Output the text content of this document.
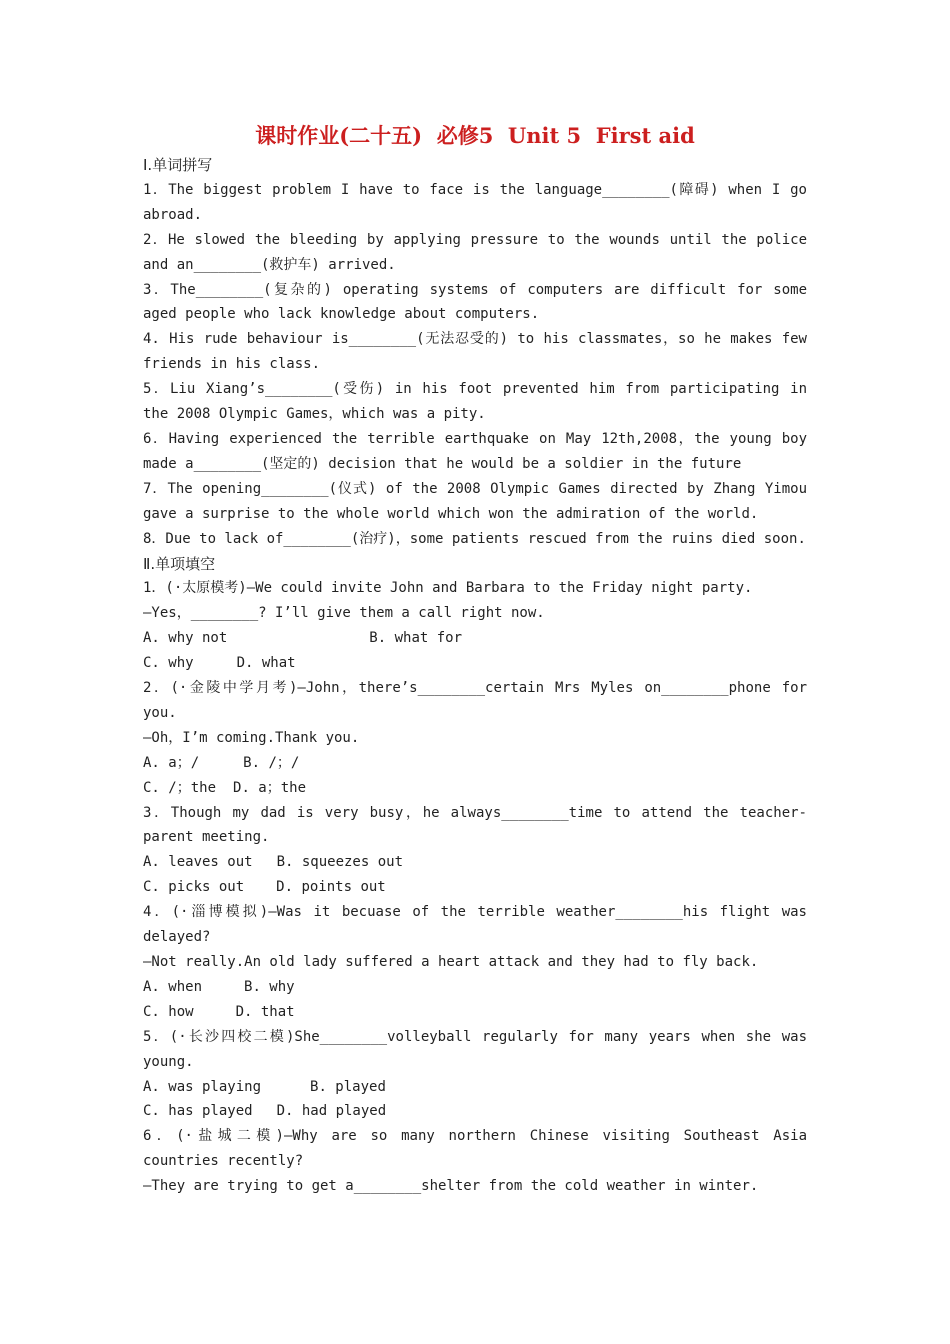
课时作业(二十五)  必修5  Unit 5  First aid
Ⅰ.单词拼写
1．The biggest problem I have to face is the language________(障碍) when I go abroad.
2．He slowed the bleeding by applying pressure to the wounds until the police and an________(救护车) arrived.
3．The________(复杂的) operating systems of computers are difficult for some aged people who lack knowledge about computers.
4. His rude behaviour is________(无法忍受的) to his classmates，so he makes few friends in his class.
5．Liu Xiang’s________(受伤) in his foot prevented him from participating in the 2008 Olympic Games，which was a pity.
6．Having experienced the terrible earthquake on May 12th,2008，the young boy made a________(坚定的) decision that he would be a soldier in the future
7．The opening________(仪式) of the 2008 Olympic Games directed by Zhang Yimou gave a surprise to the whole world which won the admiration of the world.
8．Due to lack of________(治疗)，some patients rescued from the ruins died soon.
Ⅱ.单项填空
1．(·太原模考)—We could invite John and Barbara to the Friday night party.
—Yes，________? I’ll give them a call right now.
A. why not	B. what for
C. why	D. what
2．(·金陵中学月考)—John，there’s________certain Mrs Myles on________phone for you.
—Oh，I’m coming.Thank you.
A. a；/	B. /；/
C. /；the D. a；the
3．Though my dad is very busy，he always________time to attend the teacher-parent meeting.
A. leaves out B. squeezes out
C. picks out D. points out
4．(·淄博模拟)—Was it becuase of the terrible weather________his flight was delayed?
—Not really.An old lady suffered a heart attack and they had to fly back.
A. when	B. why
C. how	D. that
5．(·长沙四校二模)She________volleyball regularly for many years when she was young.
A. was playing	B. played
C. has played D. had played
6．(·盐城二模)—Why are so many northern Chinese visiting Southeast Asia countries recently?
—They are trying to get a________shelter from the cold weather in winter.
